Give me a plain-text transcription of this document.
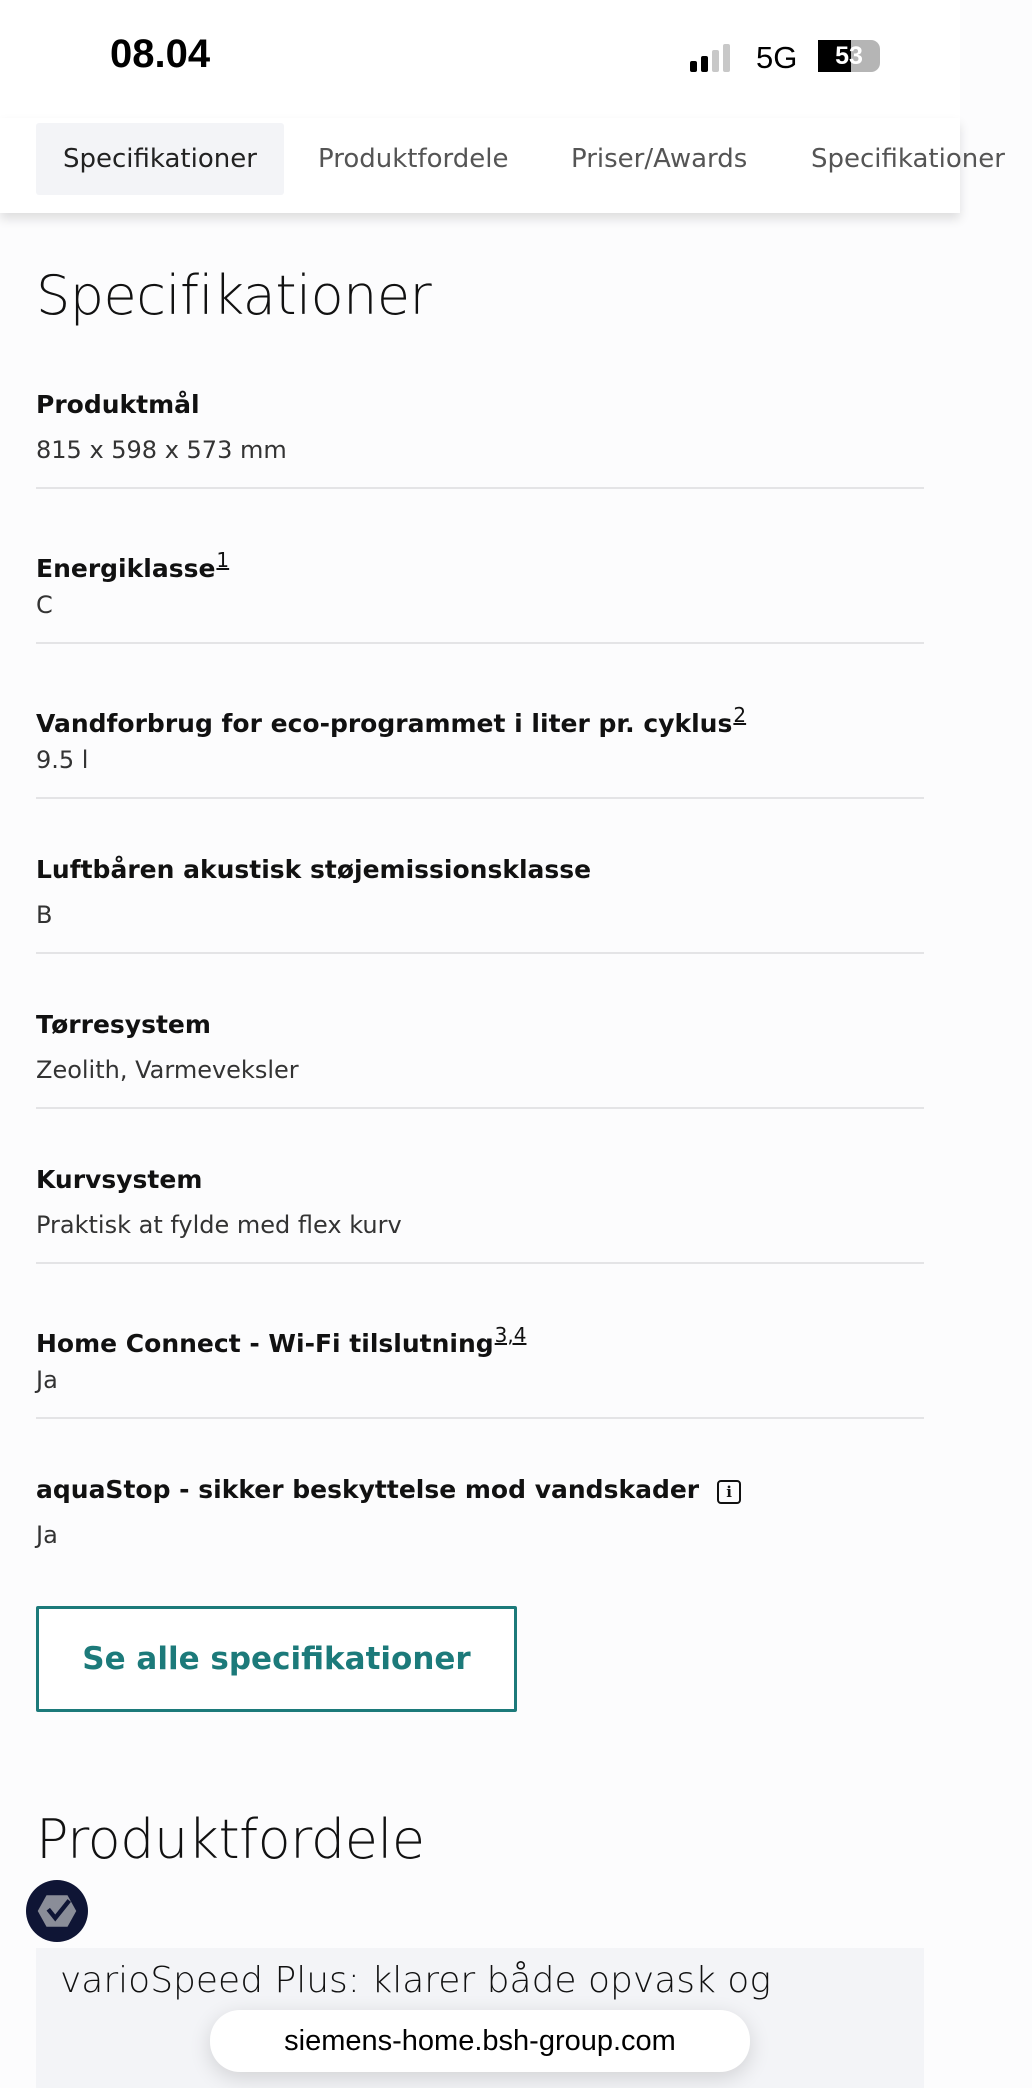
08.04	5G	53
Specifikationer	Produktfordele	Priser/Awards	Specifikationer
Specifikationer
Produktmål
815 x 598 x 573 mm
Energiklasse$^1$
C
Vandforbrug for eco-programmet i liter pr. cyklus$^2$
9.5 l
Luftbåren akustisk støjemissionsklasse
B
Tørresystem
Zeolith, Varmeveksler
Kurvsystem
Praktisk at fylde med flex kurv
Home Connect - Wi-Fi tilslutning$^{3,4}$
Ja
aquaStop - sikker beskyttelse mod vandskader i
Ja
Se alle specifikationer
Produktfordele
varioSpeed Plus: klarer både opvask og
siemens-home.bsh-group.com
